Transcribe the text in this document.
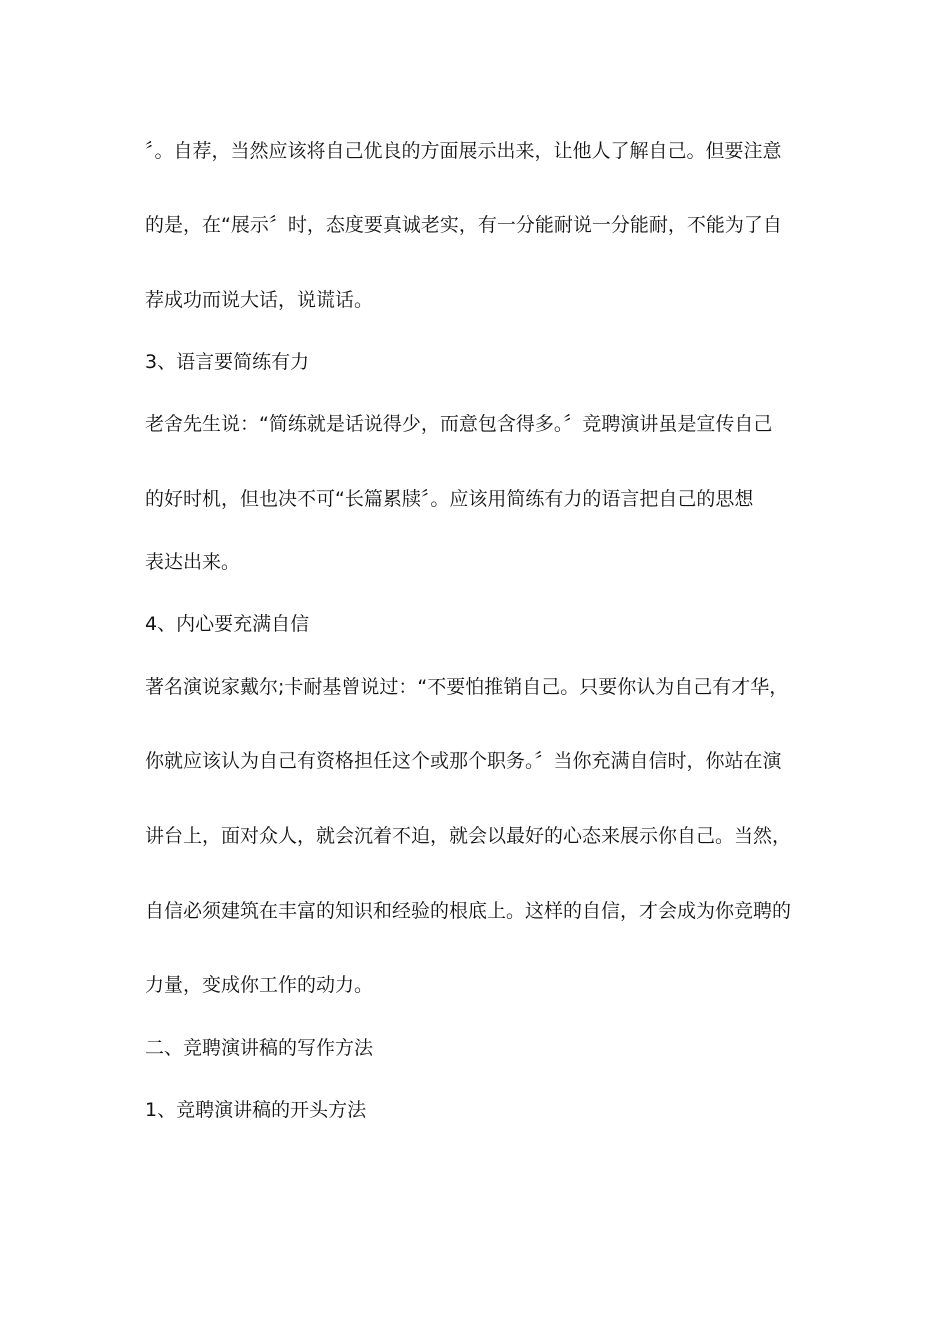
〞。自荐，当然应该将自己优良的方面展示出来，让他人了解自己。但要注意
的是，在“展示〞时，态度要真诚老实，有一分能耐说一分能耐，不能为了自
荐成功而说大话，说谎话。
3、语言要简练有力
老舍先生说：“简练就是话说得少，而意包含得多。〞竞聘演讲虽是宣传自己
的好时机，但也决不可“长篇累牍〞。应该用简练有力的语言把自己的思想
表达出来。
4、内心要充满自信
著名演说家戴尔;卡耐基曾说过：“不要怕推销自己。只要你认为自己有才华，
你就应该认为自己有资格担任这个或那个职务。〞当你充满自信时，你站在演
讲台上，面对众人，就会沉着不迫，就会以最好的心态来展示你自己。当然，
自信必须建筑在丰富的知识和经验的根底上。这样的自信，才会成为你竞聘的
力量，变成你工作的动力。
二、竞聘演讲稿的写作方法
1、竞聘演讲稿的开头方法
